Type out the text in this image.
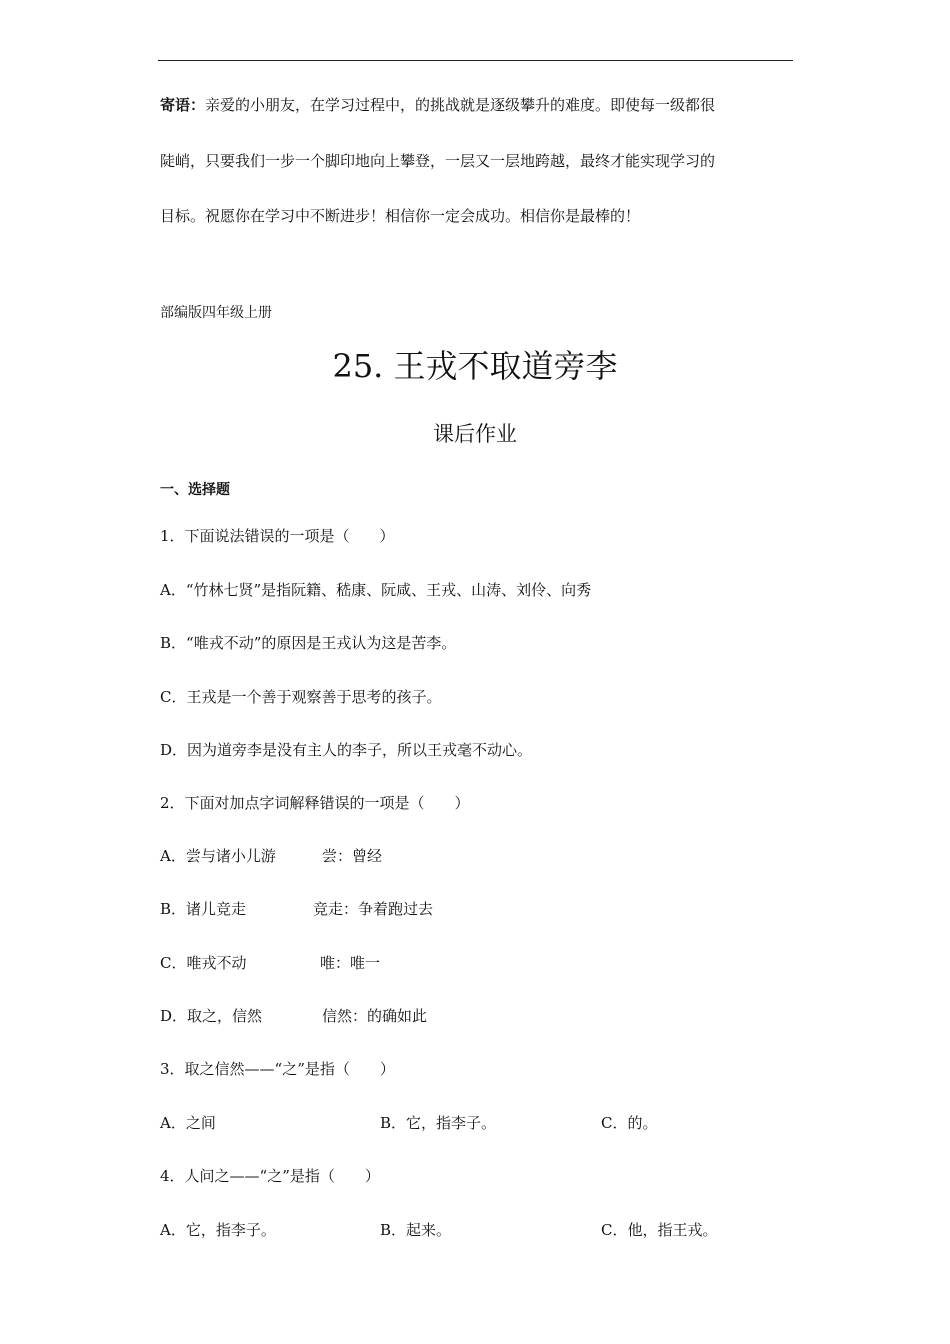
寄语：亲爱的小朋友，在学习过程中，的挑战就是逐级攀升的难度。即使每一级都很
陡峭，只要我们一步一个脚印地向上攀登，一层又一层地跨越，最终才能实现学习的
目标。祝愿你在学习中不断进步！相信你一定会成功。相信你是最棒的！
部编版四年级上册
25. 王戎不取道旁李
课后作业
一、选择题
1．下面说法错误的一项是（　　）
A．“竹林七贤”是指阮籍、嵇康、阮咸、王戎、山涛、刘伶、向秀
B．“唯戎不动”的原因是王戎认为这是苦李。
C．王戎是一个善于观察善于思考的孩子。
D．因为道旁李是没有主人的李子，所以王戎毫不动心。
2．下面对加点字词解释错误的一项是（　　）
A．尝与诸小儿游	尝：曾经
B．诸儿竞走	竞走：争着跑过去
C．唯戎不动	唯：唯一
D．取之，信然	信然：的确如此
3．取之信然——“之”是指（　　）
A．之间	B．它，指李子。	C．的。
4．人问之——“之”是指（　　）
A．它，指李子。	B．起来。	C．他，指王戎。
